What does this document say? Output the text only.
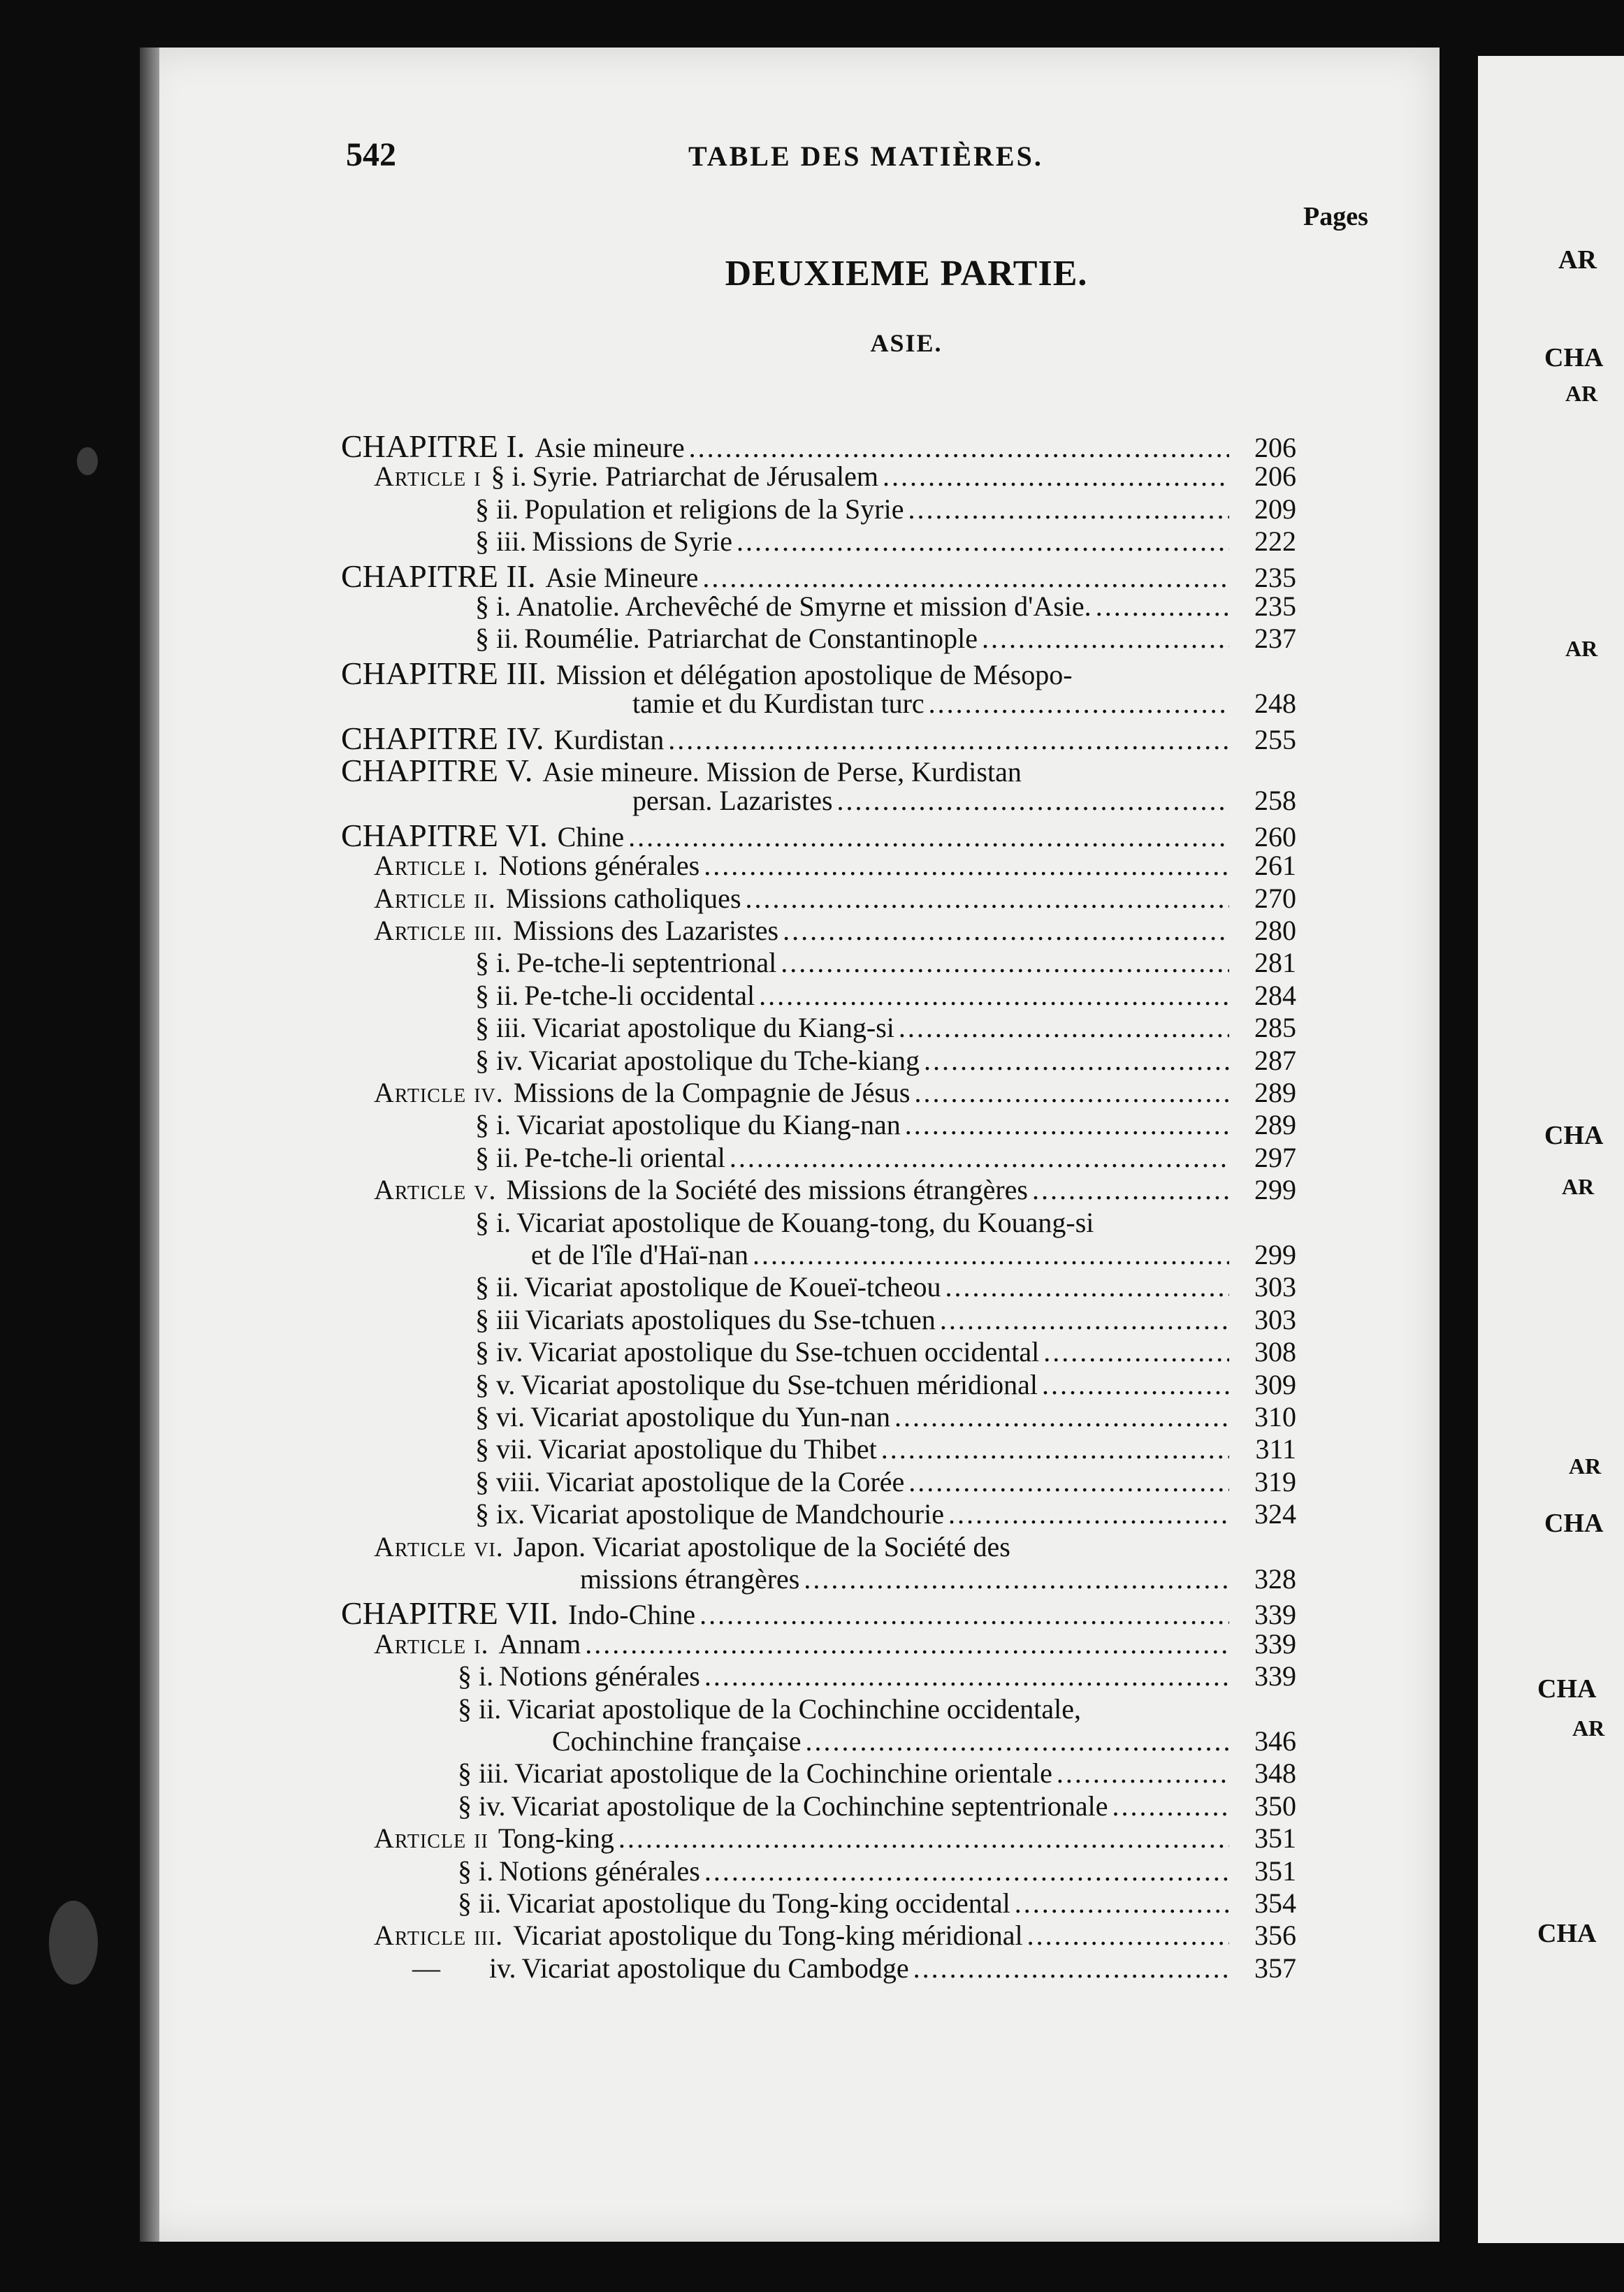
AR
CHA
AR
AR
CHA
AR
AR
CHA
CHA
AR
CHA
542	TABLE DES MATIÈRES.
Pages
DEUXIEME PARTIE.
ASIE.
CHAPITRE I. Asie mineure .....	206
Article i § i. Syrie. Patriarchat de Jérusalem .....	206
§ ii. Population et religions de la Syrie .....	209
§ iii. Missions de Syrie .....	222
CHAPITRE II. Asie Mineure .....	235
§ i. Anatolie. Archevêché de Smyrne et mission d'Asie. .....	235
§ ii. Roumélie. Patriarchat de Constantinople .....	237
CHAPITRE III. Mission et délégation apostolique de Mésopo-
tamie et du Kurdistan turc .....	248
CHAPITRE IV. Kurdistan .....	255
CHAPITRE V. Asie mineure. Mission de Perse, Kurdistan
persan. Lazaristes .....	258
CHAPITRE VI. Chine .....	260
Article i. Notions générales .....	261
Article ii. Missions catholiques .....	270
Article iii. Missions des Lazaristes .....	280
§ i. Pe-tche-li septentrional .....	281
§ ii. Pe-tche-li occidental .....	284
§ iii. Vicariat apostolique du Kiang-si .....	285
§ iv. Vicariat apostolique du Tche-kiang .....	287
Article iv. Missions de la Compagnie de Jésus .....	289
§ i. Vicariat apostolique du Kiang-nan .....	289
§ ii. Pe-tche-li oriental .....	297
Article v. Missions de la Société des missions étrangères .....	299
§ i. Vicariat apostolique de Kouang-tong, du Kouang-si
et de l'île d'Haï-nan .....	299
§ ii. Vicariat apostolique de Koueï-tcheou .....	303
§ iii Vicariats apostoliques du Sse-tchuen .....	303
§ iv. Vicariat apostolique du Sse-tchuen occidental .....	308
§ v. Vicariat apostolique du Sse-tchuen méridional .....	309
§ vi. Vicariat apostolique du Yun-nan .....	310
§ vii. Vicariat apostolique du Thibet .....	311
§ viii. Vicariat apostolique de la Corée .....	319
§ ix. Vicariat apostolique de Mandchourie .....	324
Article vi. Japon. Vicariat apostolique de la Société des
missions étrangères .....	328
CHAPITRE VII. Indo-Chine .....	339
Article i. Annam .....	339
§ i. Notions générales .....	339
§ ii. Vicariat apostolique de la Cochinchine occidentale,
Cochinchine française .....	346
§ iii. Vicariat apostolique de la Cochinchine orientale .....	348
§ iv. Vicariat apostolique de la Cochinchine septentrionale .....	350
Article ii Tong-king .....	351
§ i. Notions générales .....	351
§ ii. Vicariat apostolique du Tong-king occidental .....	354
Article iii. Vicariat apostolique du Tong-king méridional .....	356
— iv. Vicariat apostolique du Cambodge .....	357
